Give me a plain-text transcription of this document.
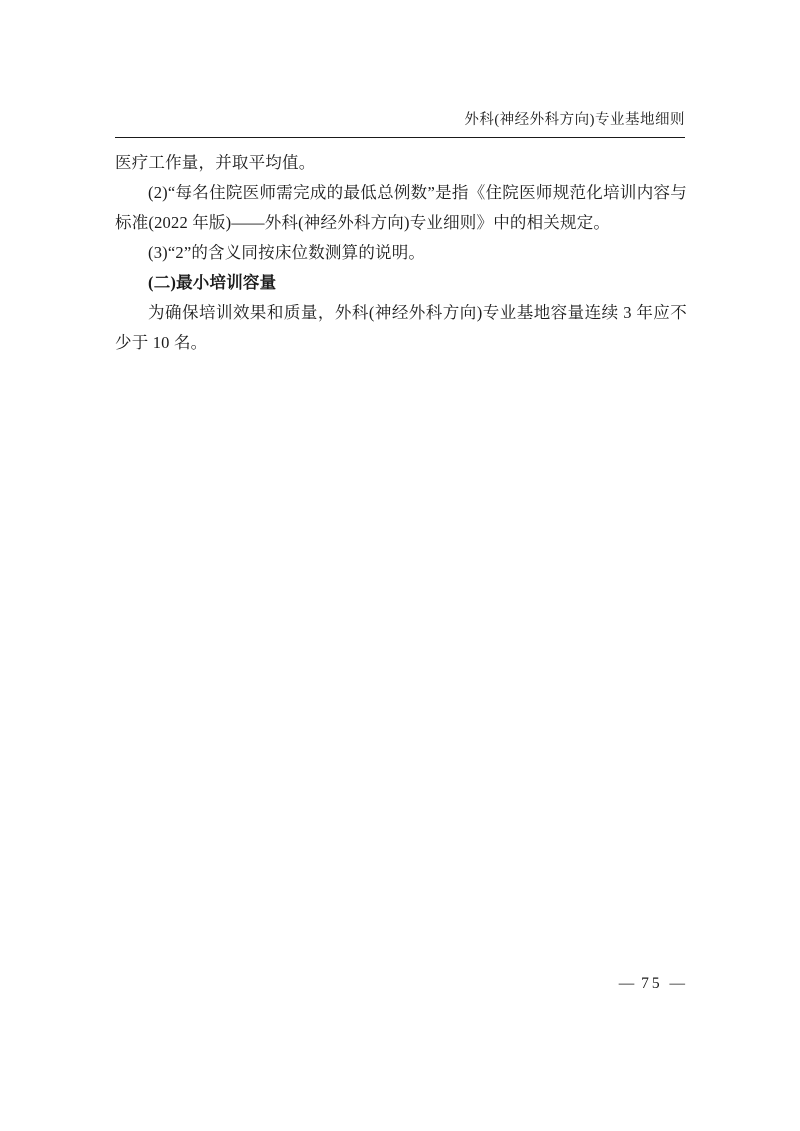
外科(神经外科方向)专业基地细则

医疗工作量，并取平均值。

(2)“每名住院医师需完成的最低总例数”是指《住院医师规范化培训内容与标准(2022 年版)——外科(神经外科方向)专业细则》中的相关规定。

(3)“2”的含义同按床位数测算的说明。

(二)最小培训容量

为确保培训效果和质量，外科(神经外科方向)专业基地容量连续 3 年应不少于 10 名。

— 75 —
